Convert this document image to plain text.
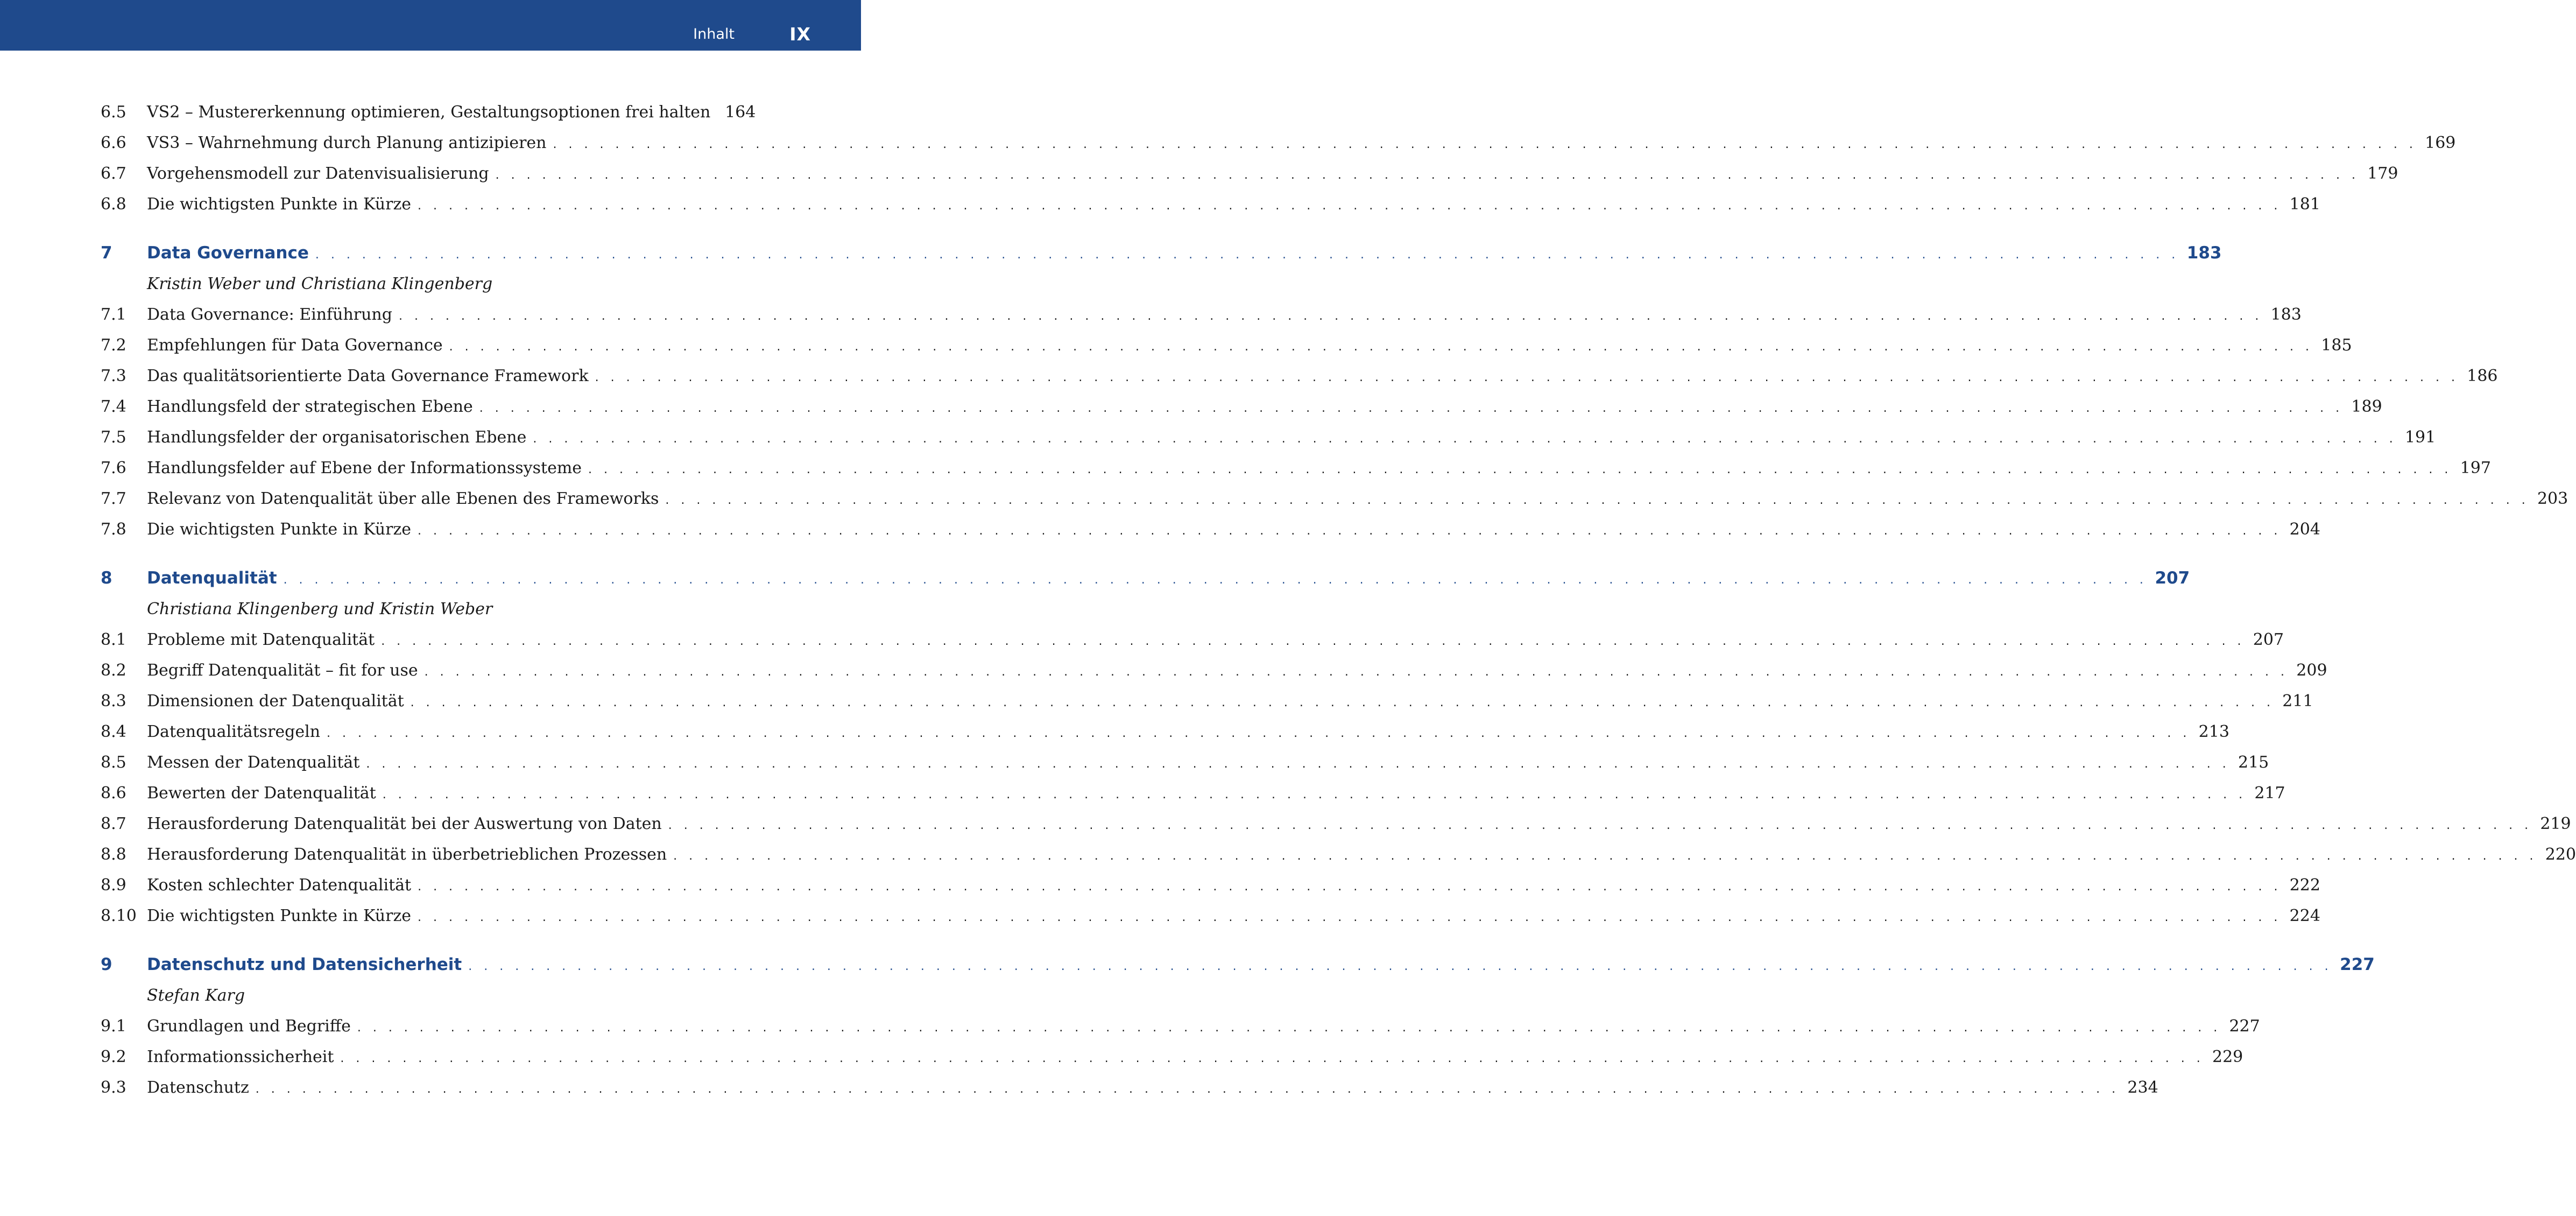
Inhalt	IX
6.5	VS2 – Mustererkennung optimieren, Gestaltungsoptionen frei halten 164
6.6	VS3 – Wahrnehmung durch Planung antizipieren . . . . . . . . . . . . . . . . . . . . . . . . . . . . . . . . . . . . . . . . . . . . . . . . . . . . . . . . . . . . . . . . . . . . . . . . . . . . . . . . . . . . . . . . . . . . . . . . . . . . . . . . . . . . . . . . . . . . . . . . 169
6.7	Vorgehensmodell zur Datenvisualisierung . . . . . . . . . . . . . . . . . . . . . . . . . . . . . . . . . . . . . . . . . . . . . . . . . . . . . . . . . . . . . . . . . . . . . . . . . . . . . . . . . . . . . . . . . . . . . . . . . . . . . . . . . . . . . . . . . . . . . . . . 179
6.8	Die wichtigsten Punkte in Kürze . . . . . . . . . . . . . . . . . . . . . . . . . . . . . . . . . . . . . . . . . . . . . . . . . . . . . . . . . . . . . . . . . . . . . . . . . . . . . . . . . . . . . . . . . . . . . . . . . . . . . . . . . . . . . . . . . . . . . . . . 181
7	Data Governance . . . . . . . . . . . . . . . . . . . . . . . . . . . . . . . . . . . . . . . . . . . . . . . . . . . . . . . . . . . . . . . . . . . . . . . . . . . . . . . . . . . . . . . . . . . . . . . . . . . . . . . . . . . . . . . . . . . . . . . . 183
Kristin Weber und Christiana Klingenberg
7.1	Data Governance: Einführung . . . . . . . . . . . . . . . . . . . . . . . . . . . . . . . . . . . . . . . . . . . . . . . . . . . . . . . . . . . . . . . . . . . . . . . . . . . . . . . . . . . . . . . . . . . . . . . . . . . . . . . . . . . . . . . . . . . . . . . . 183
7.2	Empfehlungen für Data Governance . . . . . . . . . . . . . . . . . . . . . . . . . . . . . . . . . . . . . . . . . . . . . . . . . . . . . . . . . . . . . . . . . . . . . . . . . . . . . . . . . . . . . . . . . . . . . . . . . . . . . . . . . . . . . . . . . . . . . . . . 185
7.3	Das qualitätsorientierte Data Governance Framework . . . . . . . . . . . . . . . . . . . . . . . . . . . . . . . . . . . . . . . . . . . . . . . . . . . . . . . . . . . . . . . . . . . . . . . . . . . . . . . . . . . . . . . . . . . . . . . . . . . . . . . . . . . . . . . . . . . . . . . . 186
7.4	Handlungsfeld der strategischen Ebene . . . . . . . . . . . . . . . . . . . . . . . . . . . . . . . . . . . . . . . . . . . . . . . . . . . . . . . . . . . . . . . . . . . . . . . . . . . . . . . . . . . . . . . . . . . . . . . . . . . . . . . . . . . . . . . . . . . . . . . . 189
7.5	Handlungsfelder der organisatorischen Ebene . . . . . . . . . . . . . . . . . . . . . . . . . . . . . . . . . . . . . . . . . . . . . . . . . . . . . . . . . . . . . . . . . . . . . . . . . . . . . . . . . . . . . . . . . . . . . . . . . . . . . . . . . . . . . . . . . . . . . . . . 191
7.6	Handlungsfelder auf Ebene der Informationssysteme . . . . . . . . . . . . . . . . . . . . . . . . . . . . . . . . . . . . . . . . . . . . . . . . . . . . . . . . . . . . . . . . . . . . . . . . . . . . . . . . . . . . . . . . . . . . . . . . . . . . . . . . . . . . . . . . . . . . . . . . 197
7.7	Relevanz von Datenqualität über alle Ebenen des Frameworks . . . . . . . . . . . . . . . . . . . . . . . . . . . . . . . . . . . . . . . . . . . . . . . . . . . . . . . . . . . . . . . . . . . . . . . . . . . . . . . . . . . . . . . . . . . . . . . . . . . . . . . . . . . . . . . . . . . . . . . . 203
7.8	Die wichtigsten Punkte in Kürze . . . . . . . . . . . . . . . . . . . . . . . . . . . . . . . . . . . . . . . . . . . . . . . . . . . . . . . . . . . . . . . . . . . . . . . . . . . . . . . . . . . . . . . . . . . . . . . . . . . . . . . . . . . . . . . . . . . . . . . . 204
8	Datenqualität . . . . . . . . . . . . . . . . . . . . . . . . . . . . . . . . . . . . . . . . . . . . . . . . . . . . . . . . . . . . . . . . . . . . . . . . . . . . . . . . . . . . . . . . . . . . . . . . . . . . . . . . . . . . . . . . . . . . . . . . 207
Christiana Klingenberg und Kristin Weber
8.1	Probleme mit Datenqualität . . . . . . . . . . . . . . . . . . . . . . . . . . . . . . . . . . . . . . . . . . . . . . . . . . . . . . . . . . . . . . . . . . . . . . . . . . . . . . . . . . . . . . . . . . . . . . . . . . . . . . . . . . . . . . . . . . . . . . . . 207
8.2	Begriff Datenqualität – fit for use . . . . . . . . . . . . . . . . . . . . . . . . . . . . . . . . . . . . . . . . . . . . . . . . . . . . . . . . . . . . . . . . . . . . . . . . . . . . . . . . . . . . . . . . . . . . . . . . . . . . . . . . . . . . . . . . . . . . . . . . 209
8.3	Dimensionen der Datenqualität . . . . . . . . . . . . . . . . . . . . . . . . . . . . . . . . . . . . . . . . . . . . . . . . . . . . . . . . . . . . . . . . . . . . . . . . . . . . . . . . . . . . . . . . . . . . . . . . . . . . . . . . . . . . . . . . . . . . . . . . 211
8.4	Datenqualitätsregeln . . . . . . . . . . . . . . . . . . . . . . . . . . . . . . . . . . . . . . . . . . . . . . . . . . . . . . . . . . . . . . . . . . . . . . . . . . . . . . . . . . . . . . . . . . . . . . . . . . . . . . . . . . . . . . . . . . . . . . . . 213
8.5	Messen der Datenqualität . . . . . . . . . . . . . . . . . . . . . . . . . . . . . . . . . . . . . . . . . . . . . . . . . . . . . . . . . . . . . . . . . . . . . . . . . . . . . . . . . . . . . . . . . . . . . . . . . . . . . . . . . . . . . . . . . . . . . . . . 215
8.6	Bewerten der Datenqualität . . . . . . . . . . . . . . . . . . . . . . . . . . . . . . . . . . . . . . . . . . . . . . . . . . . . . . . . . . . . . . . . . . . . . . . . . . . . . . . . . . . . . . . . . . . . . . . . . . . . . . . . . . . . . . . . . . . . . . . . 217
8.7	Herausforderung Datenqualität bei der Auswertung von Daten . . . . . . . . . . . . . . . . . . . . . . . . . . . . . . . . . . . . . . . . . . . . . . . . . . . . . . . . . . . . . . . . . . . . . . . . . . . . . . . . . . . . . . . . . . . . . . . . . . . . . . . . . . . . . . . . . . . . . . . . 219
8.8	Herausforderung Datenqualität in überbetrieblichen Prozessen . . . . . . . . . . . . . . . . . . . . . . . . . . . . . . . . . . . . . . . . . . . . . . . . . . . . . . . . . . . . . . . . . . . . . . . . . . . . . . . . . . . . . . . . . . . . . . . . . . . . . . . . . . . . . . . . . . . . . . . . 220
8.9	Kosten schlechter Datenqualität . . . . . . . . . . . . . . . . . . . . . . . . . . . . . . . . . . . . . . . . . . . . . . . . . . . . . . . . . . . . . . . . . . . . . . . . . . . . . . . . . . . . . . . . . . . . . . . . . . . . . . . . . . . . . . . . . . . . . . . . 222
8.10 Die wichtigsten Punkte in Kürze . . . . . . . . . . . . . . . . . . . . . . . . . . . . . . . . . . . . . . . . . . . . . . . . . . . . . . . . . . . . . . . . . . . . . . . . . . . . . . . . . . . . . . . . . . . . . . . . . . . . . . . . . . . . . . . . . . . . . . . . 224
9	Datenschutz und Datensicherheit . . . . . . . . . . . . . . . . . . . . . . . . . . . . . . . . . . . . . . . . . . . . . . . . . . . . . . . . . . . . . . . . . . . . . . . . . . . . . . . . . . . . . . . . . . . . . . . . . . . . . . . . . . . . . . . . . . . . . . . . 227
Stefan Karg
9.1	Grundlagen und Begriffe . . . . . . . . . . . . . . . . . . . . . . . . . . . . . . . . . . . . . . . . . . . . . . . . . . . . . . . . . . . . . . . . . . . . . . . . . . . . . . . . . . . . . . . . . . . . . . . . . . . . . . . . . . . . . . . . . . . . . . . . 227
9.2	Informationssicherheit . . . . . . . . . . . . . . . . . . . . . . . . . . . . . . . . . . . . . . . . . . . . . . . . . . . . . . . . . . . . . . . . . . . . . . . . . . . . . . . . . . . . . . . . . . . . . . . . . . . . . . . . . . . . . . . . . . . . . . . . 229
9.3	Datenschutz . . . . . . . . . . . . . . . . . . . . . . . . . . . . . . . . . . . . . . . . . . . . . . . . . . . . . . . . . . . . . . . . . . . . . . . . . . . . . . . . . . . . . . . . . . . . . . . . . . . . . . . . . . . . . . . . . . . . . . . . 234
